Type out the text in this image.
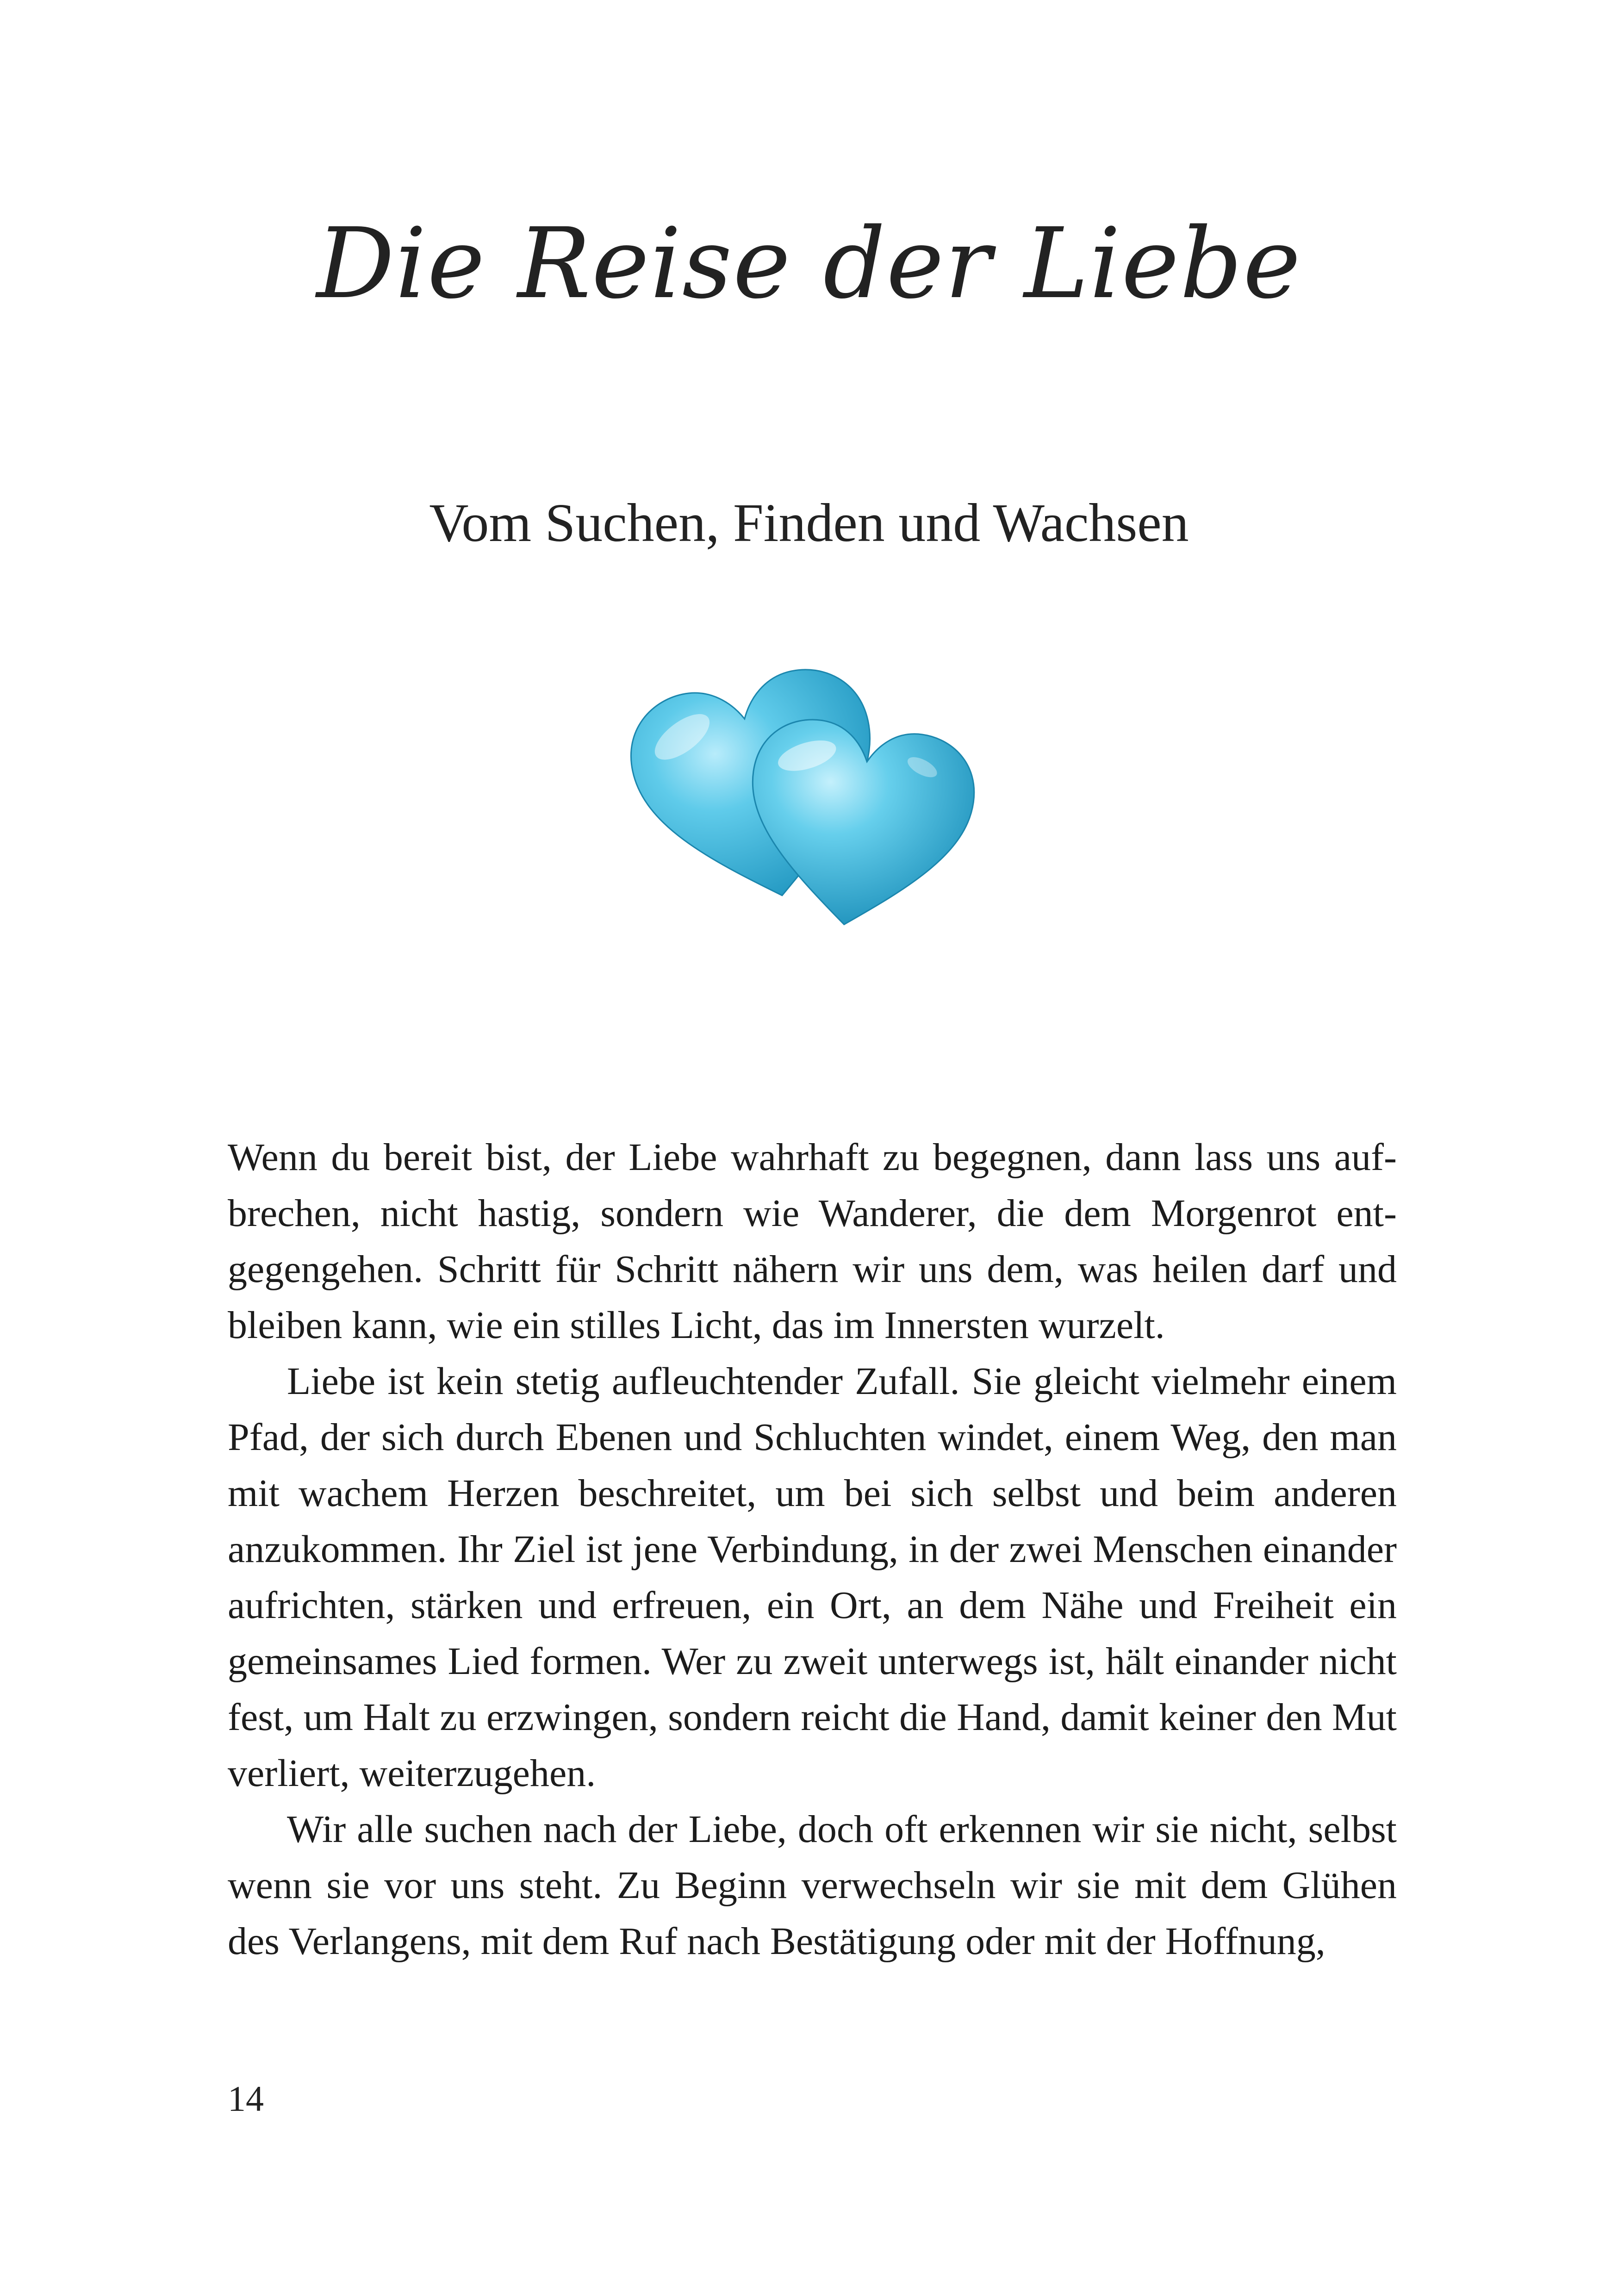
Die Reise der Liebe
Vom Suchen, Finden und Wachsen

Wenn du bereit bist, der Liebe wahrhaft zu begegnen, dann lass uns aufbrechen, nicht hastig, sondern wie Wanderer, die dem Morgenrot entgegengehen. Schritt für Schritt nähern wir uns dem, was heilen darf und bleiben kann, wie ein stilles Licht, das im Innersten wurzelt.

Liebe ist kein stetig aufleuchtender Zufall. Sie gleicht vielmehr einem Pfad, der sich durch Ebenen und Schluchten windet, einem Weg, den man mit wachem Herzen beschreitet, um bei sich selbst und beim anderen anzukommen. Ihr Ziel ist jene Verbindung, in der zwei Menschen einander aufrichten, stärken und erfreuen, ein Ort, an dem Nähe und Freiheit ein gemeinsames Lied formen. Wer zu zweit unterwegs ist, hält einander nicht fest, um Halt zu erzwingen, sondern reicht die Hand, damit keiner den Mut verliert, weiterzugehen.

Wir alle suchen nach der Liebe, doch oft erkennen wir sie nicht, selbst wenn sie vor uns steht. Zu Beginn verwechseln wir sie mit dem Glühen des Verlangens, mit dem Ruf nach Bestätigung oder mit der Hoffnung,

14
